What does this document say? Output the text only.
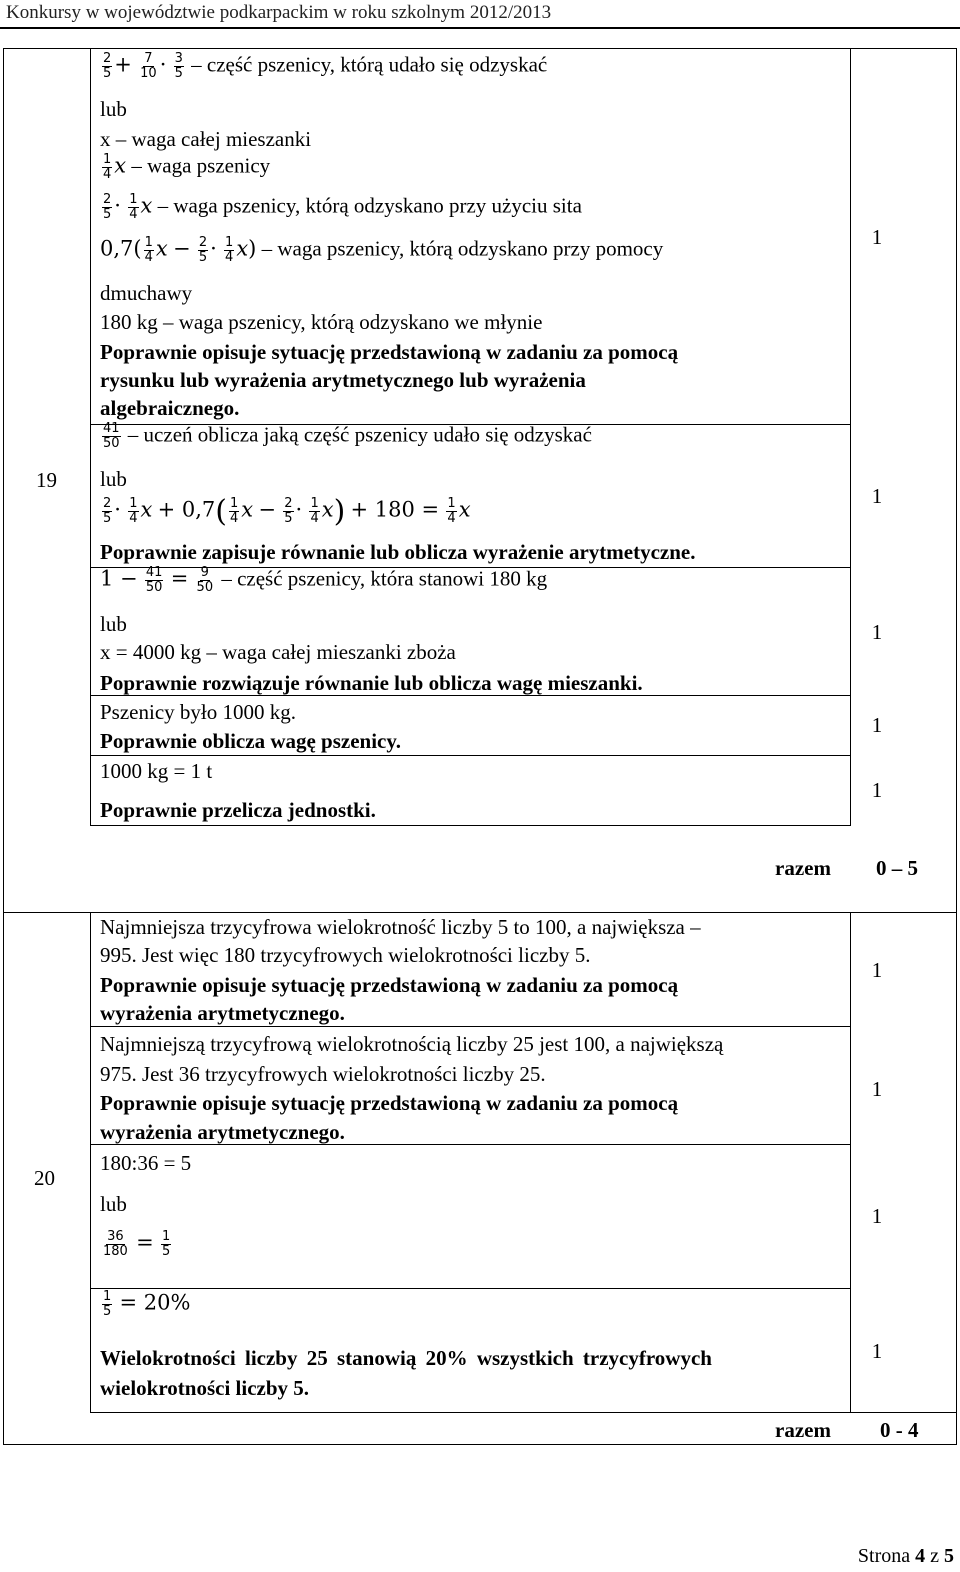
Konkursy w województwie podkarpackim w roku szkolnym 2012/2013
19
$\frac{2}{5} + \frac{7}{10} \cdot \frac{3}{5}$ – część pszenicy, którą udało się odzyskać
lub
x – waga całej mieszanki
$\frac{1}{4}$ x – waga pszenicy
$\frac{2}{5} \cdot \frac{1}{4}$ x – waga pszenicy, którą odzyskano przy użyciu sita
$0,7( \frac{1}{4}$ $x - \frac{2}{5} \cdot \frac{1}{4} x$) – waga pszenicy, którą odzyskano przy pomocy
dmuchawy
180 kg – waga pszenicy, którą odzyskano we młynie
Poprawnie opisuje sytuację przedstawioną w zadaniu za pomocą
rysunku lub wyrażenia arytmetycznego lub wyrażenia
algebraicznego.
$\frac{41}{50}$ – uczeń oblicza jaką część pszenicy udało się odzyskać
lub
$\frac{2}{5} \cdot \frac{1}{4}$ $x + 0,7( \frac{1}{4}$ $x - \frac{2}{5} \cdot \frac{1}{4} x) + 180 = \frac{1}{4}$ x
Poprawnie zapisuje równanie lub oblicza wyrażenie arytmetyczne.
$1 - \frac{41}{50} = \frac{9}{50}$ – część pszenicy, która stanowi 180 kg
lub
x = 4000 kg – waga całej mieszanki zboża
Poprawnie rozwiązuje równanie lub oblicza wagę mieszanki.
Pszenicy było 1000 kg.
Poprawnie oblicza wagę pszenicy.
1000 kg = 1 t
Poprawnie przelicza jednostki.
1
1
1
1
1
razem 0 – 5
20
Najmniejsza trzycyfrowa wielokrotność liczby 5 to 100, a największa –
995. Jest więc 180 trzycyfrowych wielokrotności liczby 5.
Poprawnie opisuje sytuację przedstawioną w zadaniu za pomocą
wyrażenia arytmetycznego.
Najmniejszą trzycyfrową wielokrotnością liczby 25 jest 100, a największą
975. Jest 36 trzycyfrowych wielokrotności liczby 25.
Poprawnie opisuje sytuację przedstawioną w zadaniu za pomocą
wyrażenia arytmetycznego.
180:36 = 5
lub
$\frac{36}{180} = \frac{1}{5}$
$\frac{1}{5} = 20\%$
Wielokrotności liczby 25 stanowią 20% wszystkich trzycyfrowych
wielokrotności liczby 5.
1
1
1
1
razem 0 - 4
Strona 4 z 5
